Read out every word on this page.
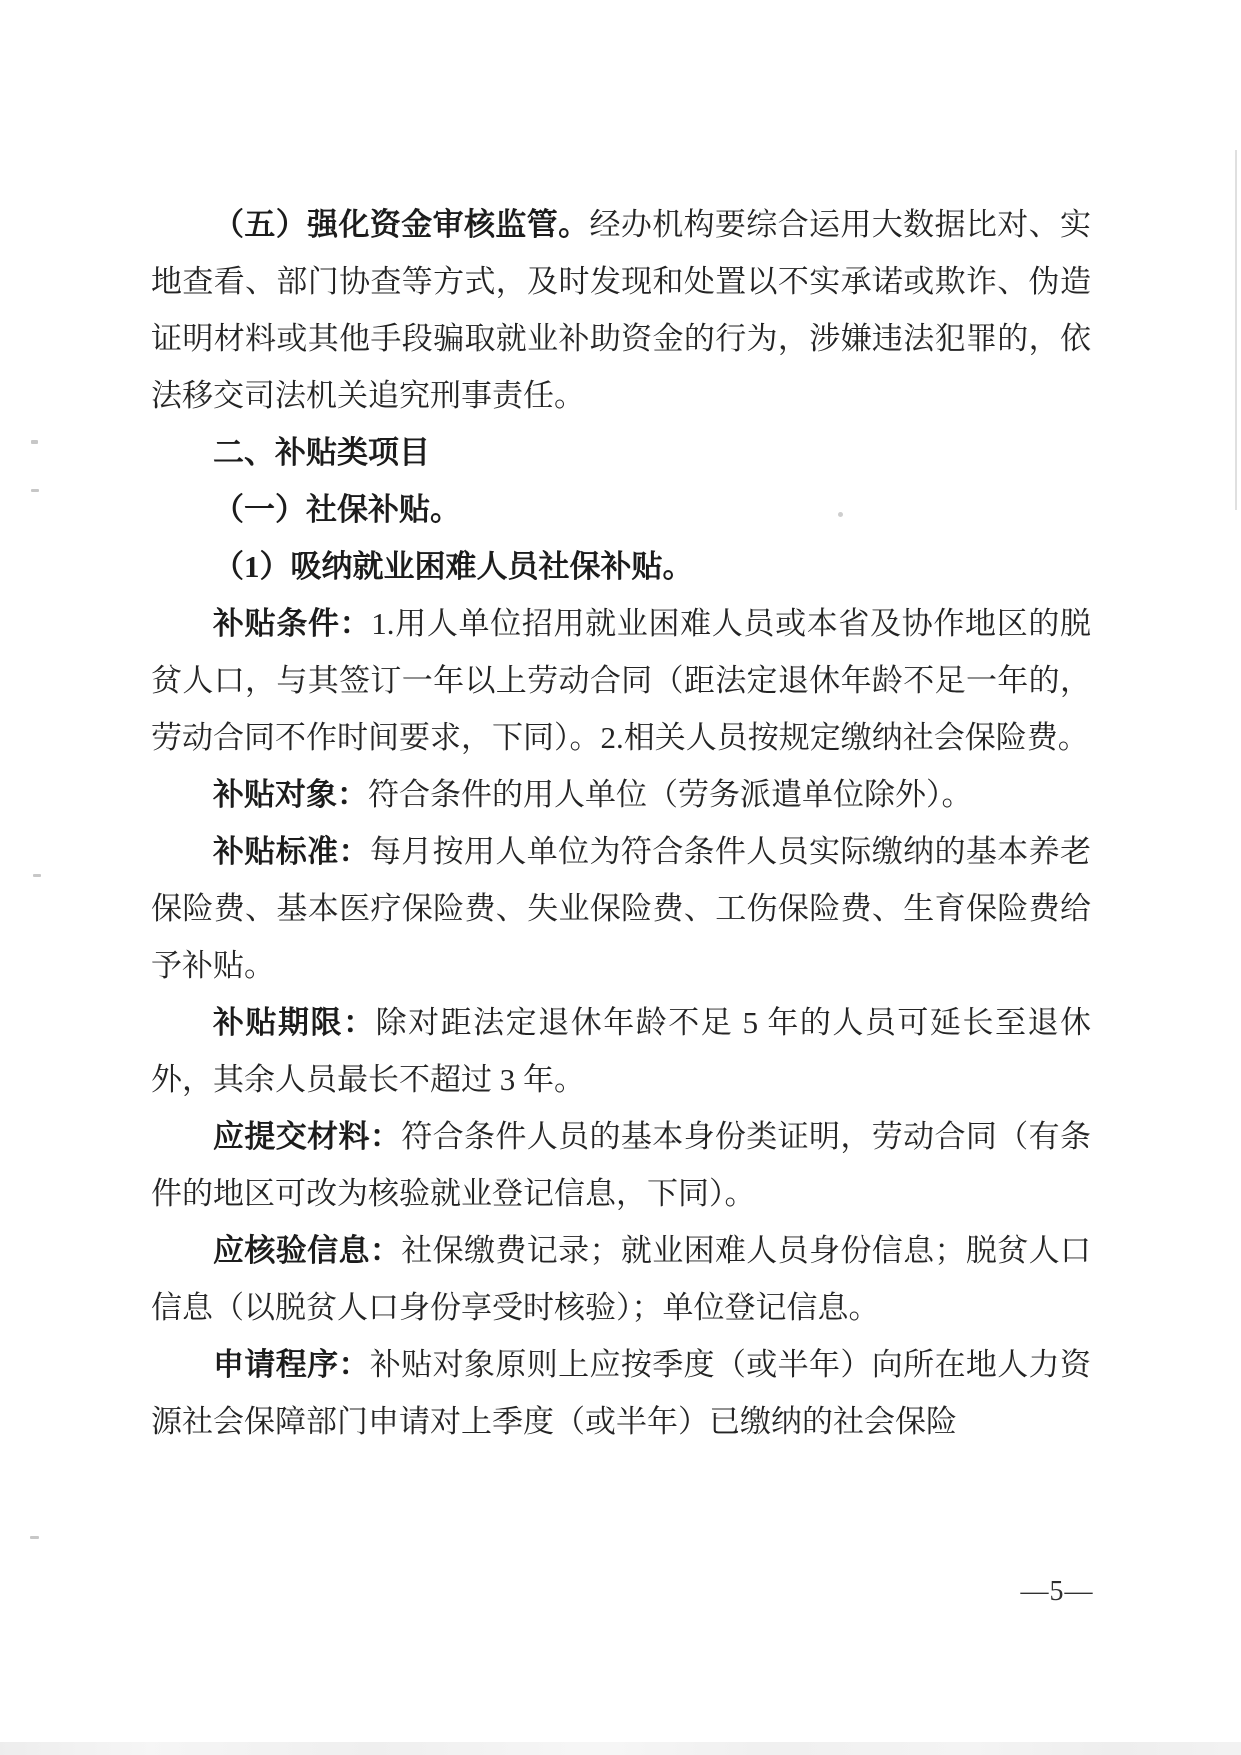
（五）强化资金审核监管。经办机构要综合运用大数据比对、实地查看、部门协查等方式，及时发现和处置以不实承诺或欺诈、伪造证明材料或其他手段骗取就业补助资金的行为，涉嫌违法犯罪的，依法移交司法机关追究刑事责任。

二、补贴类项目

（一）社保补贴。

（1）吸纳就业困难人员社保补贴。

补贴条件：1.用人单位招用就业困难人员或本省及协作地区的脱贫人口，与其签订一年以上劳动合同（距法定退休年龄不足一年的，劳动合同不作时间要求，下同）。2.相关人员按规定缴纳社会保险费。

补贴对象：符合条件的用人单位（劳务派遣单位除外）。

补贴标准：每月按用人单位为符合条件人员实际缴纳的基本养老保险费、基本医疗保险费、失业保险费、工伤保险费、生育保险费给予补贴。

补贴期限：除对距法定退休年龄不足 5 年的人员可延长至退休外，其余人员最长不超过 3 年。

应提交材料：符合条件人员的基本身份类证明，劳动合同（有条件的地区可改为核验就业登记信息，下同）。

应核验信息：社保缴费记录；就业困难人员身份信息；脱贫人口信息（以脱贫人口身份享受时核验）；单位登记信息。

申请程序：补贴对象原则上应按季度（或半年）向所在地人力资源社会保障部门申请对上季度（或半年）已缴纳的社会保险

—5—
